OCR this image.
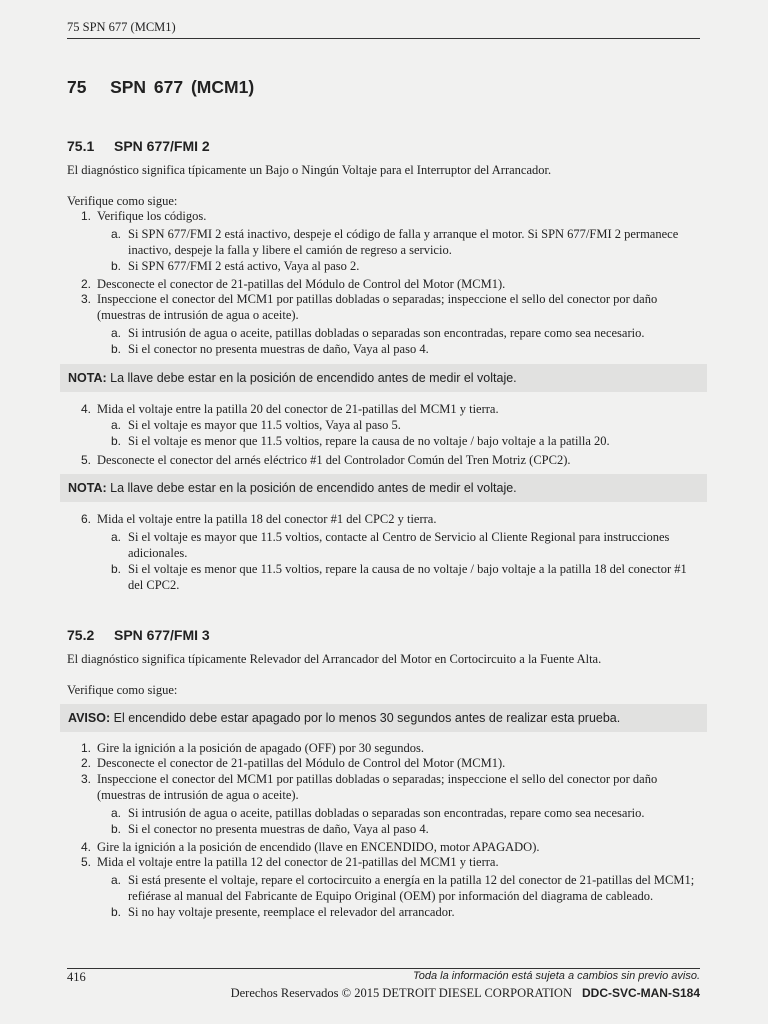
75 SPN 677 (MCM1)
75 SPN 677 (MCM1)
75.1 SPN 677/FMI 2

El diagnóstico significa típicamente un Bajo o Ningún Voltaje para el Interruptor del Arrancador.

Verifique como sigue:

1. Verifique los códigos.
a. Si SPN 677/FMI 2 está inactivo, despeje el código de falla y arranque el motor. Si SPN 677/FMI 2 permanece inactivo, despeje la falla y libere el camión de regreso a servicio.
b. Si SPN 677/FMI 2 está activo, Vaya al paso 2.
2. Desconecte el conector de 21-patillas del Módulo de Control del Motor (MCM1).
3. Inspeccione el conector del MCM1 por patillas dobladas o separadas; inspeccione el sello del conector por daño (muestras de intrusión de agua o aceite).
a. Si intrusión de agua o aceite, patillas dobladas o separadas son encontradas, repare como sea necesario.
b. Si el conector no presenta muestras de daño, Vaya al paso 4.
NOTA: La llave debe estar en la posición de encendido antes de medir el voltaje.
4. Mida el voltaje entre la patilla 20 del conector de 21-patillas del MCM1 y tierra.
a. Si el voltaje es mayor que 11.5 voltios, Vaya al paso 5.
b. Si el voltaje es menor que 11.5 voltios, repare la causa de no voltaje / bajo voltaje a la patilla 20.
5. Desconecte el conector del arnés eléctrico #1 del Controlador Común del Tren Motriz (CPC2).
NOTA: La llave debe estar en la posición de encendido antes de medir el voltaje.
6. Mida el voltaje entre la patilla 18 del conector #1 del CPC2 y tierra.
a. Si el voltaje es mayor que 11.5 voltios, contacte al Centro de Servicio al Cliente Regional para instrucciones adicionales.
b. Si el voltaje es menor que 11.5 voltios, repare la causa de no voltaje / bajo voltaje a la patilla 18 del conector #1 del CPC2.
75.2 SPN 677/FMI 3

El diagnóstico significa típicamente Relevador del Arrancador del Motor en Cortocircuito a la Fuente Alta.

Verifique como sigue:

AVISO: El encendido debe estar apagado por lo menos 30 segundos antes de realizar esta prueba.
1. Gire la ignición a la posición de apagado (OFF) por 30 segundos.
2. Desconecte el conector de 21-patillas del Módulo de Control del Motor (MCM1).
3. Inspeccione el conector del MCM1 por patillas dobladas o separadas; inspeccione el sello del conector por daño (muestras de intrusión de agua o aceite).
a. Si intrusión de agua o aceite, patillas dobladas o separadas son encontradas, repare como sea necesario.
b. Si el conector no presenta muestras de daño, Vaya al paso 4.
4. Gire la ignición a la posición de encendido (llave en ENCENDIDO, motor APAGADO).
5. Mida el voltaje entre la patilla 12 del conector de 21-patillas del MCM1 y tierra.
a. Si está presente el voltaje, repare el cortocircuito a energía en la patilla 12 del conector de 21-patillas del MCM1; refiérase al manual del Fabricante de Equipo Original (OEM) por información del diagrama de cableado.
b. Si no hay voltaje presente, reemplace el relevador del arrancador.
416	Toda la información está sujeta a cambios sin previo aviso.
Derechos Reservados © 2015 DETROIT DIESEL CORPORATION DDC-SVC-MAN-S184
